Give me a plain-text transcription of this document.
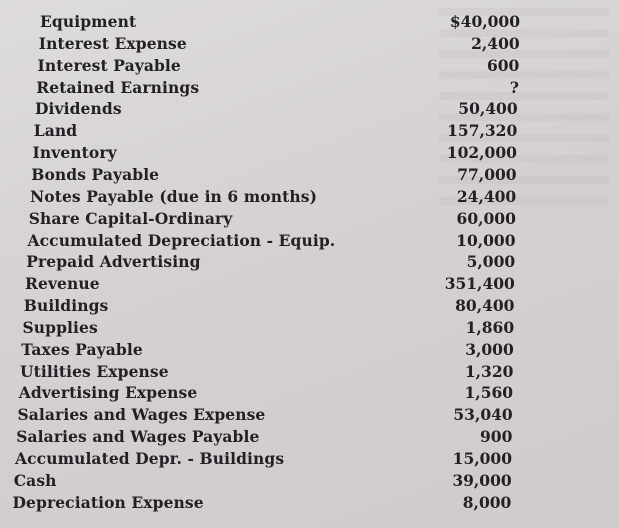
Equipment	$40,000
Interest Expense	2,400
Interest Payable	600
Retained Earnings	?
Dividends	50,400
Land	157,320
Inventory	102,000
Bonds Payable	77,000
Notes Payable (due in 6 months)	24,400
Share Capital-Ordinary	60,000
Accumulated Depreciation - Equip.	10,000
Prepaid Advertising	5,000
Revenue	351,400
Buildings	80,400
Supplies	1,860
Taxes Payable	3,000
Utilities Expense	1,320
Advertising Expense	1,560
Salaries and Wages Expense	53,040
Salaries and Wages Payable	900
Accumulated Depr. - Buildings	15,000
Cash	39,000
Depreciation Expense	8,000
